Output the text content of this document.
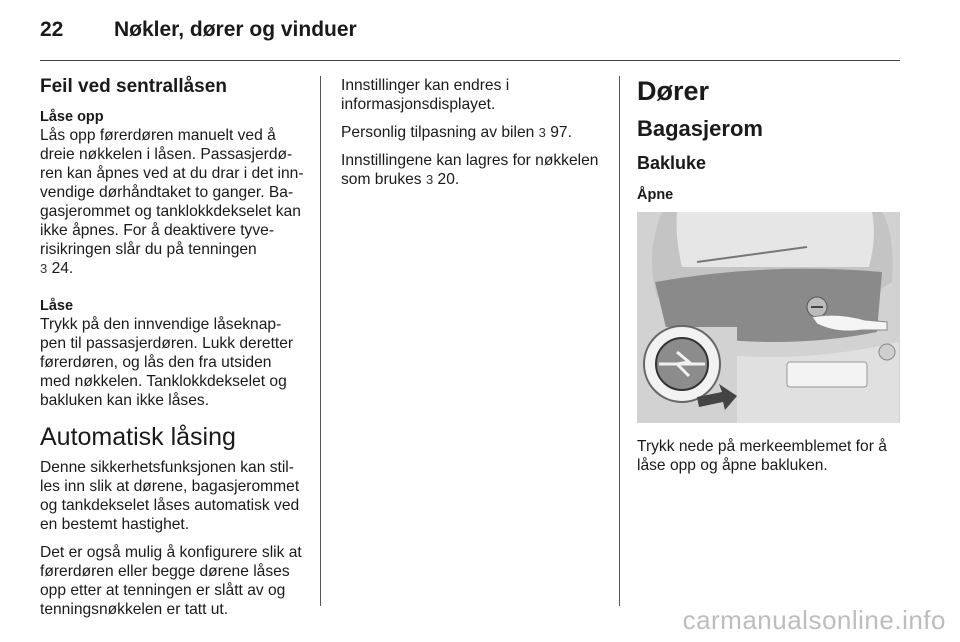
22 Nøkler, dører og vinduer
Feil ved sentrallåsen
Låse opp

Lås opp førerdøren manuelt ved å dreie nøkkelen i låsen. Passasjerdø-ren kan åpnes ved at du drar i det inn-vendige dørhåndtaket to ganger. Ba-gasjerommet og tanklokkdekselet kan ikke åpnes. For å deaktivere tyve-risikringen slår du på tenningen
3 24.

Låse

Trykk på den innvendige låseknap-pen til passasjerdøren. Lukk deretter førerdøren, og lås den fra utsiden med nøkkelen. Tanklokkdekselet og bakluken kan ikke låses.

Automatisk låsing

Denne sikkerhetsfunksjonen kan stil-les inn slik at dørene, bagasjerommet og tankdekselet låses automatisk ved en bestemt hastighet.

Det er også mulig å konfigurere slik at førerdøren eller begge dørene låses opp etter at tenningen er slått av og tenningsnøkkelen er tatt ut.

Innstillinger kan endres i informasjonsdisplayet.

Personlig tilpasning av bilen 3 97.

Innstillingene kan lagres for nøkkelen som brukes 3 20.

Dører
Bagasjerom
Bakluke
Åpne

Trykk nede på merkeemblemet for å låse opp og åpne bakluken.

carmanualsonline.info
